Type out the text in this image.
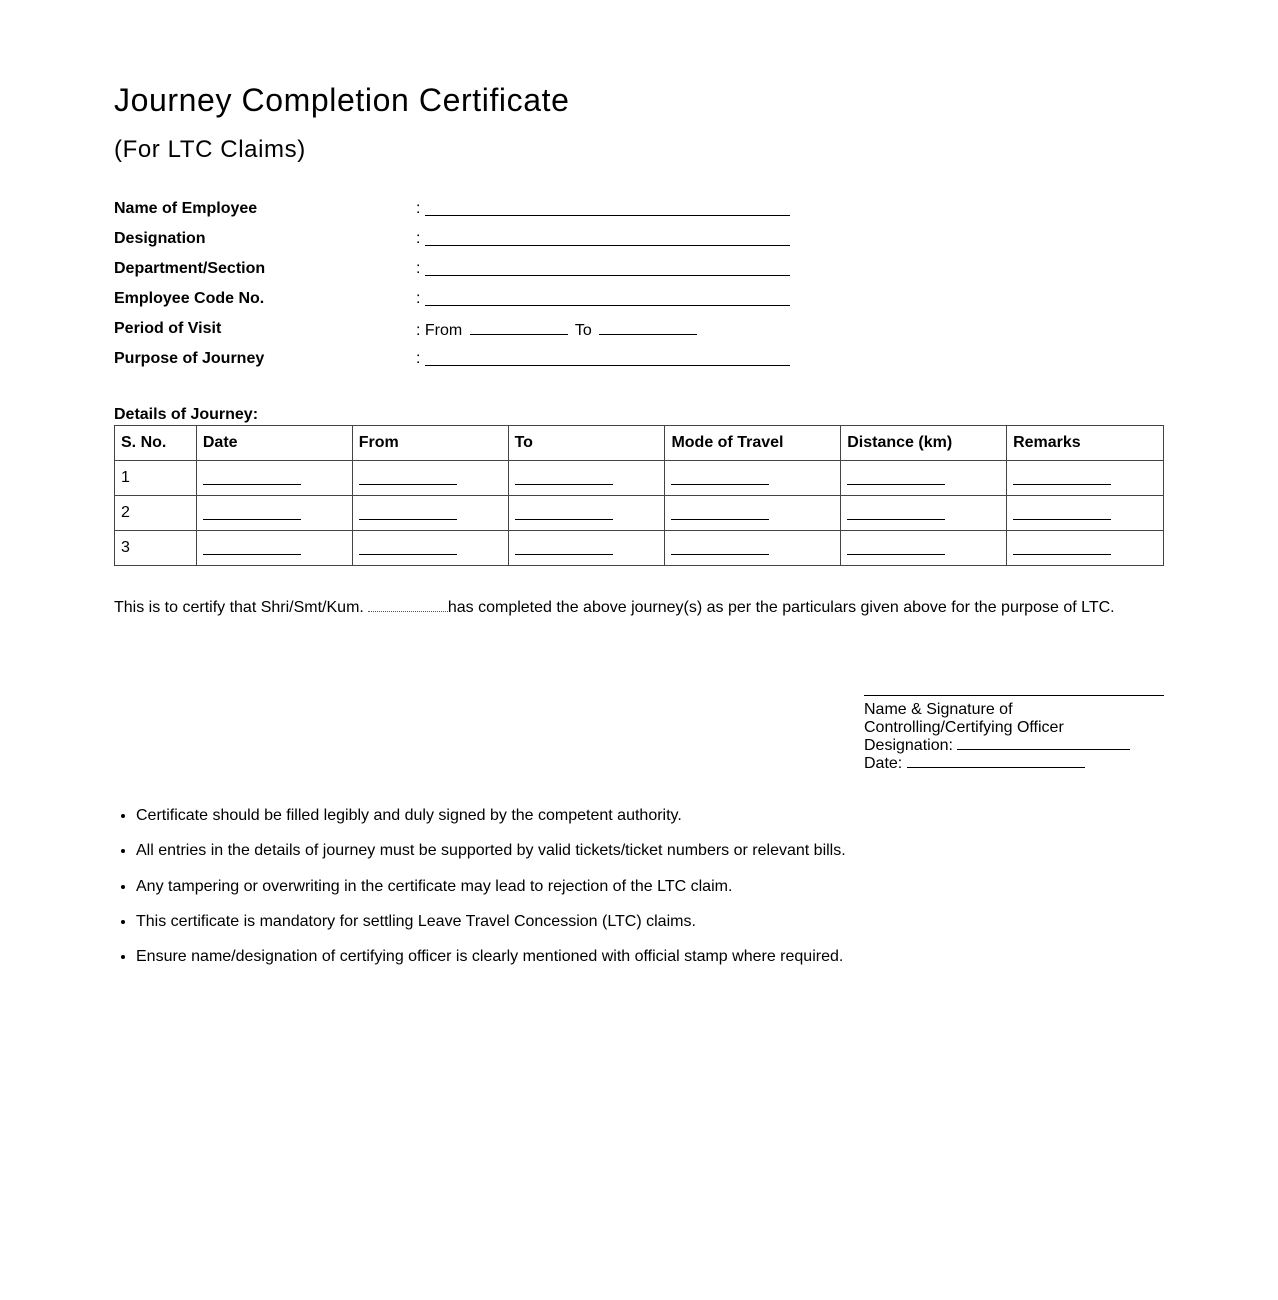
Journey Completion Certificate
(For LTC Claims)
Name of Employee	:
Designation	:
Department/Section	:
Employee Code No.	:
Period of Visit	: From	To
Purpose of Journey	:
Details of Journey:
S. No.	Date	From	To	Mode of Travel	Distance (km)	Remarks
1						
2						
3						
This is to certify that Shri/Smt/Kum.	has completed the above journey(s) as per the particulars given above for the purpose of LTC.
Name & Signature of
Controlling/Certifying Officer
Designation:
Date:
• Certificate should be filled legibly and duly signed by the competent authority.
• All entries in the details of journey must be supported by valid tickets/ticket numbers or relevant bills.
• Any tampering or overwriting in the certificate may lead to rejection of the LTC claim.
• This certificate is mandatory for settling Leave Travel Concession (LTC) claims.
• Ensure name/designation of certifying officer is clearly mentioned with official stamp where required.
